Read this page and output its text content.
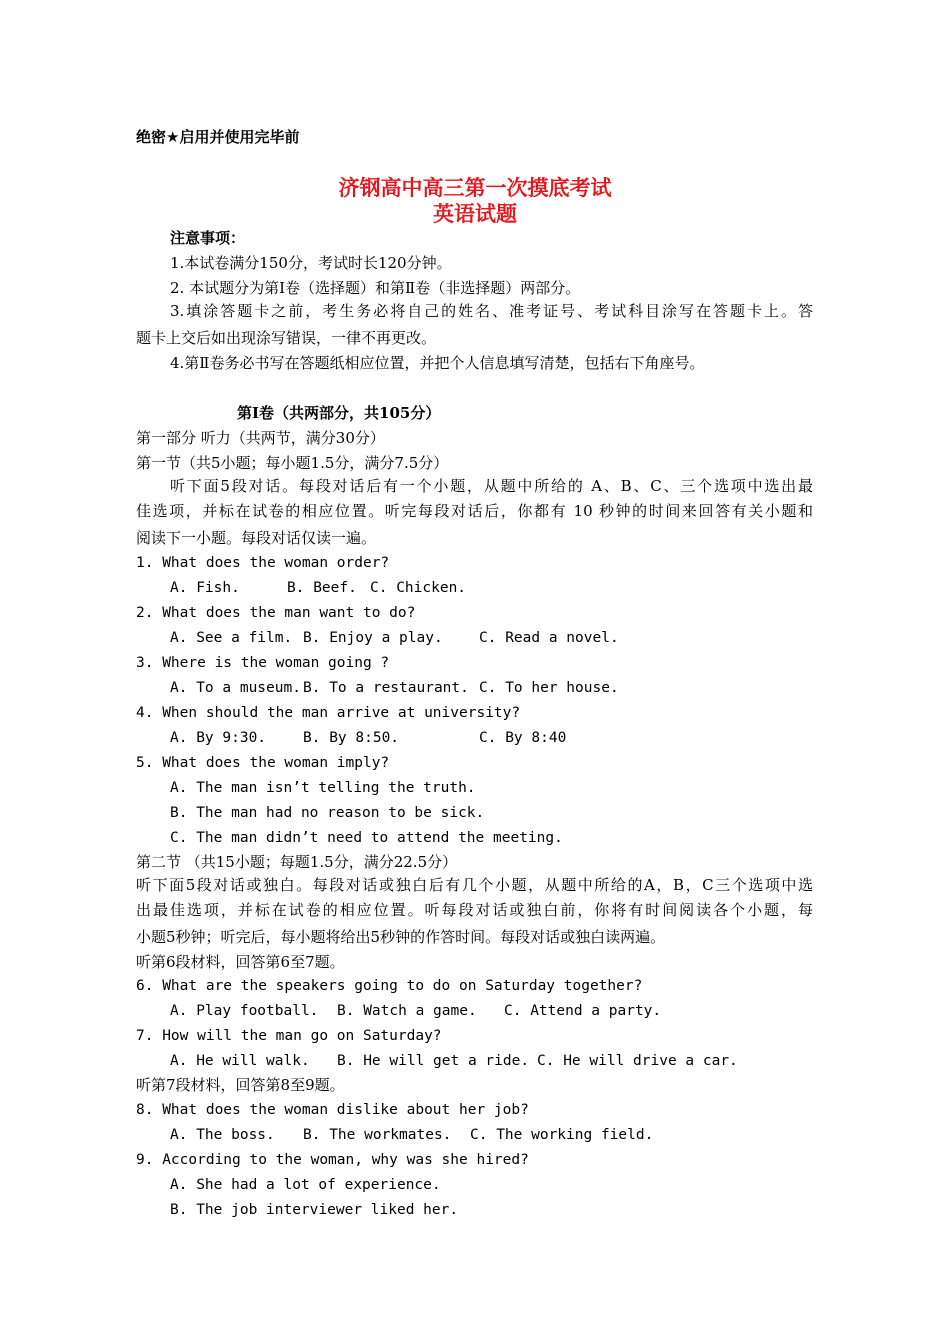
绝密★启用并使用完毕前
济钢高中高三第一次摸底考试
英语试题
注意事项：
1.本试卷满分150分，考试时长120分钟。
2. 本试题分为第Ⅰ卷（选择题）和第Ⅱ卷（非选择题）两部分。
3.填涂答题卡之前，考生务必将自己的姓名、准考证号、考试科目涂写在答题卡上。答
题卡上交后如出现涂写错误，一律不再更改。
4.第Ⅱ卷务必书写在答题纸相应位置，并把个人信息填写清楚，包括右下角座号。
第Ⅰ卷（共两部分，共105分）
第一部分 听力（共两节，满分30分）
第一节（共5小题；每小题1.5分，满分7.5分）
听下面5段对话。每段对话后有一个小题，从题中所给的 A、B、C、三个选项中选出最
佳选项，并标在试卷的相应位置。听完每段对话后，你都有 10 秒钟的时间来回答有关小题和
阅读下一小题。每段对话仅读一遍。
1. What does the woman order?
A. Fish.	B. Beef. C. Chicken.
2. What does the man want to do?
A. See a film. B. Enjoy a play.	C. Read a novel.
3. Where is the woman going ?
A. To a museum. B. To a restaurant. C. To her house.
4. When should the man arrive at university?
A. By 9:30.	B. By 8:50.	C. By 8:40
5. What does the woman imply?
A. The man isn’t telling the truth.
B. The man had no reason to be sick.
C. The man didn’t need to attend the meeting.
第二节 （共15小题；每题1.5分，满分22.5分）
听下面5段对话或独白。每段对话或独白后有几个小题，从题中所给的A，B，C三个选项中选
出最佳选项，并标在试卷的相应位置。听每段对话或独白前，你将有时间阅读各个小题，每
小题5秒钟；听完后，每小题将给出5秒钟的作答时间。每段对话或独白读两遍。
听第6段材料，回答第6至7题。
6. What are the speakers going to do on Saturday together?
A. Play football. B. Watch a game. C. Attend a party.
7. How will the man go on Saturday?
A. He will walk. B. He will get a ride. C. He will drive a car.
听第7段材料，回答第8至9题。
8. What does the woman dislike about her job?
A. The boss. B. The workmates. C. The working field.
9. According to the woman, why was she hired?
A. She had a lot of experience.
B. The job interviewer liked her.
